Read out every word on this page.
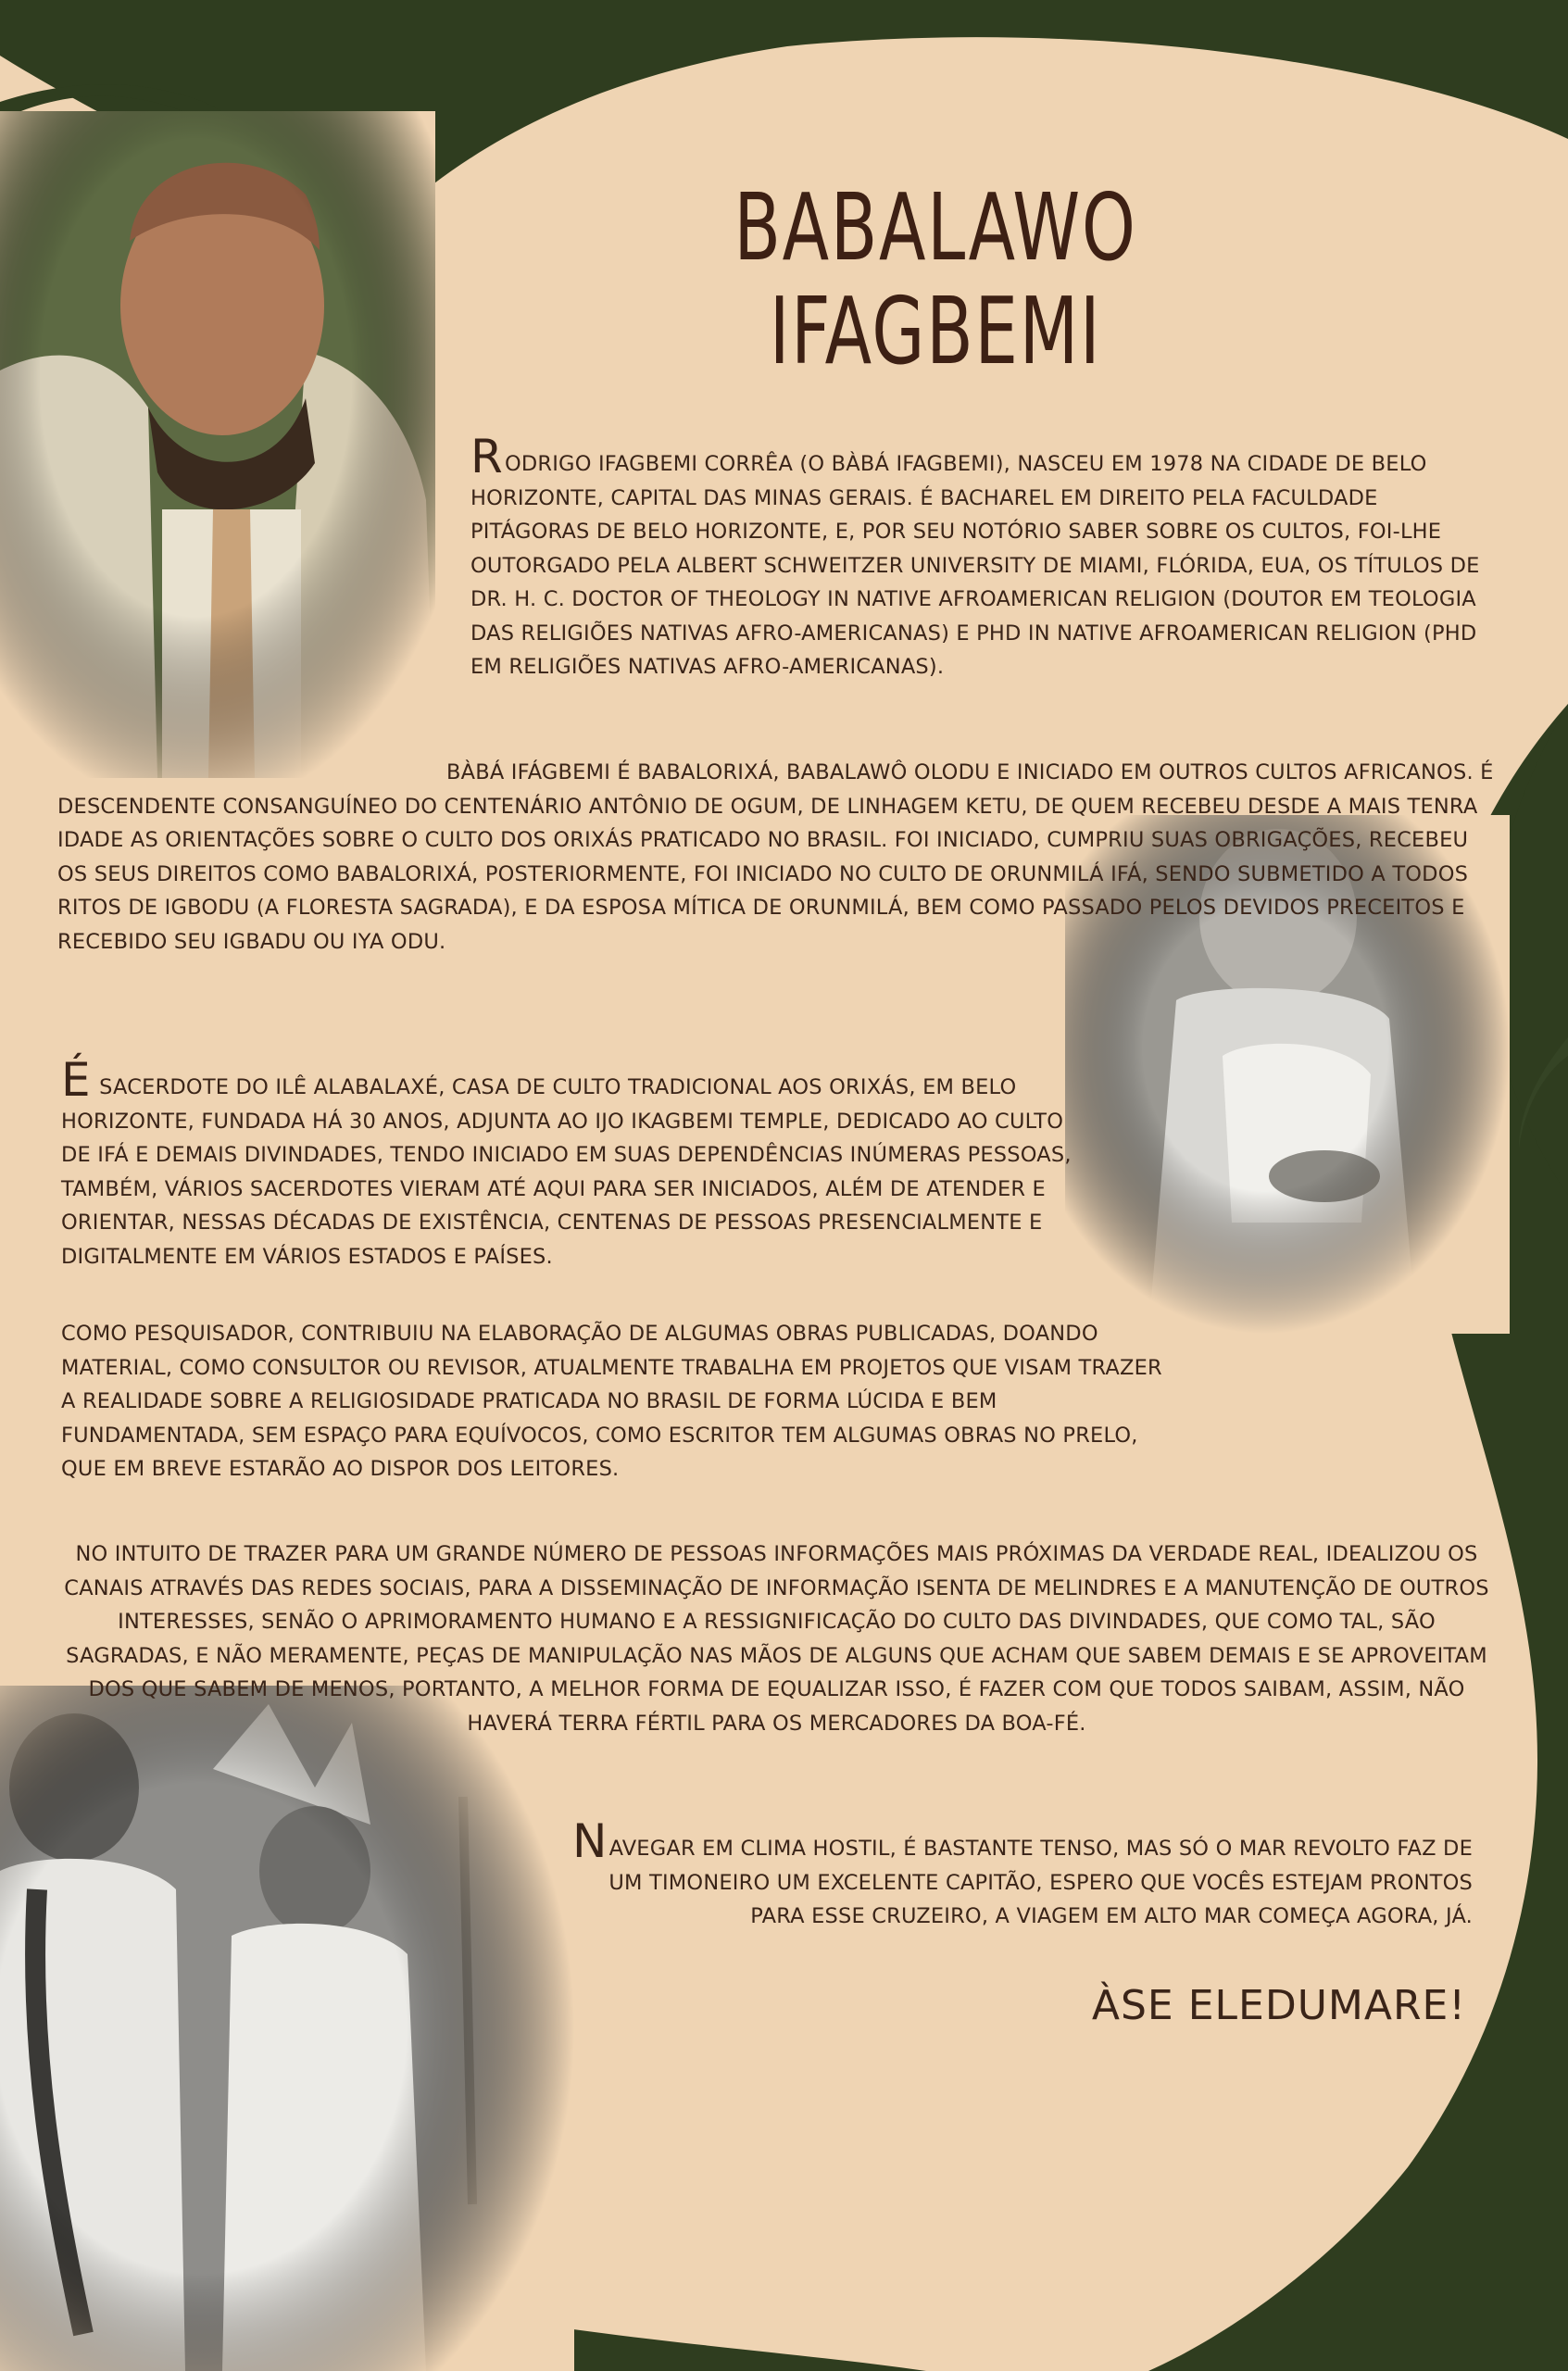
BABALAWO
IFAGBEMI

RODRIGO IFAGBEMI CORRÊA (O BÀBÁ IFAGBEMI), NASCEU EM 1978 NA CIDADE DE BELO HORIZONTE, CAPITAL DAS MINAS GERAIS. É BACHAREL EM DIREITO PELA FACULDADE PITÁGORAS DE BELO HORIZONTE, E, POR SEU NOTÓRIO SABER SOBRE OS CULTOS, FOI-LHE OUTORGADO PELA ALBERT SCHWEITZER UNIVERSITY DE MIAMI, FLÓRIDA, EUA, OS TÍTULOS DE DR. H. C. DOCTOR OF THEOLOGY IN NATIVE AFROAMERICAN RELIGION (DOUTOR EM TEOLOGIA DAS RELIGIÕES NATIVAS AFRO-AMERICANAS) E PHD IN NATIVE AFROAMERICAN RELIGION (PHD EM RELIGIÕES NATIVAS AFRO-AMERICANAS).

BÀBÁ IFÁGBEMI É BABALORIXÁ, BABALAWÔ OLODU E INICIADO EM OUTROS CULTOS AFRICANOS. É DESCENDENTE CONSANGUÍNEO DO CENTENÁRIO ANTÔNIO DE OGUM, DE LINHAGEM KETU, DE QUEM RECEBEU DESDE A MAIS TENRA IDADE AS ORIENTAÇÕES SOBRE O CULTO DOS ORIXÁS PRATICADO NO BRASIL. FOI INICIADO, CUMPRIU SUAS OBRIGAÇÕES, RECEBEU OS SEUS DIREITOS COMO BABALORIXÁ, POSTERIORMENTE, FOI INICIADO NO CULTO DE ORUNMILÁ IFÁ, SENDO SUBMETIDO A TODOS RITOS DE IGBODU (A FLORESTA SAGRADA), E DA ESPOSA MÍTICA DE ORUNMILÁ, BEM COMO PASSADO PELOS DEVIDOS PRECEITOS E RECEBIDO SEU IGBADU OU IYA ODU.

É SACERDOTE DO ILÊ ALABALAXÉ, CASA DE CULTO TRADICIONAL AOS ORIXÁS, EM BELO HORIZONTE, FUNDADA HÁ 30 ANOS, ADJUNTA AO IJO IKAGBEMI TEMPLE, DEDICADO AO CULTO DE IFÁ E DEMAIS DIVINDADES, TENDO INICIADO EM SUAS DEPENDÊNCIAS INÚMERAS PESSOAS, TAMBÉM, VÁRIOS SACERDOTES VIERAM ATÉ AQUI PARA SER INICIADOS, ALÉM DE ATENDER E ORIENTAR, NESSAS DÉCADAS DE EXISTÊNCIA, CENTENAS DE PESSOAS PRESENCIALMENTE E DIGITALMENTE EM VÁRIOS ESTADOS E PAÍSES.

COMO PESQUISADOR, CONTRIBUIU NA ELABORAÇÃO DE ALGUMAS OBRAS PUBLICADAS, DOANDO MATERIAL, COMO CONSULTOR OU REVISOR, ATUALMENTE TRABALHA EM PROJETOS QUE VISAM TRAZER A REALIDADE SOBRE A RELIGIOSIDADE PRATICADA NO BRASIL DE FORMA LÚCIDA E BEM FUNDAMENTADA, SEM ESPAÇO PARA EQUÍVOCOS, COMO ESCRITOR TEM ALGUMAS OBRAS NO PRELO, QUE EM BREVE ESTARÃO AO DISPOR DOS LEITORES.

NO INTUITO DE TRAZER PARA UM GRANDE NÚMERO DE PESSOAS INFORMAÇÕES MAIS PRÓXIMAS DA VERDADE REAL, IDEALIZOU OS CANAIS ATRAVÉS DAS REDES SOCIAIS, PARA A DISSEMINAÇÃO DE INFORMAÇÃO ISENTA DE MELINDRES E A MANUTENÇÃO DE OUTROS INTERESSES, SENÃO O APRIMORAMENTO HUMANO E A RESSIGNIFICAÇÃO DO CULTO DAS DIVINDADES, QUE COMO TAL, SÃO SAGRADAS, E NÃO MERAMENTE, PEÇAS DE MANIPULAÇÃO NAS MÃOS DE ALGUNS QUE ACHAM QUE SABEM DEMAIS E SE APROVEITAM DOS QUE SABEM DE MENOS, PORTANTO, A MELHOR FORMA DE EQUALIZAR ISSO, É FAZER COM QUE TODOS SAIBAM, ASSIM, NÃO HAVERÁ TERRA FÉRTIL PARA OS MERCADORES DA BOA-FÉ.

NAVEGAR EM CLIMA HOSTIL, É BASTANTE TENSO, MAS SÓ O MAR REVOLTO FAZ DE UM TIMONEIRO UM EXCELENTE CAPITÃO, ESPERO QUE VOCÊS ESTEJAM PRONTOS PARA ESSE CRUZEIRO, A VIAGEM EM ALTO MAR COMEÇA AGORA, JÁ.

ÀSE ELEDUMARE!
